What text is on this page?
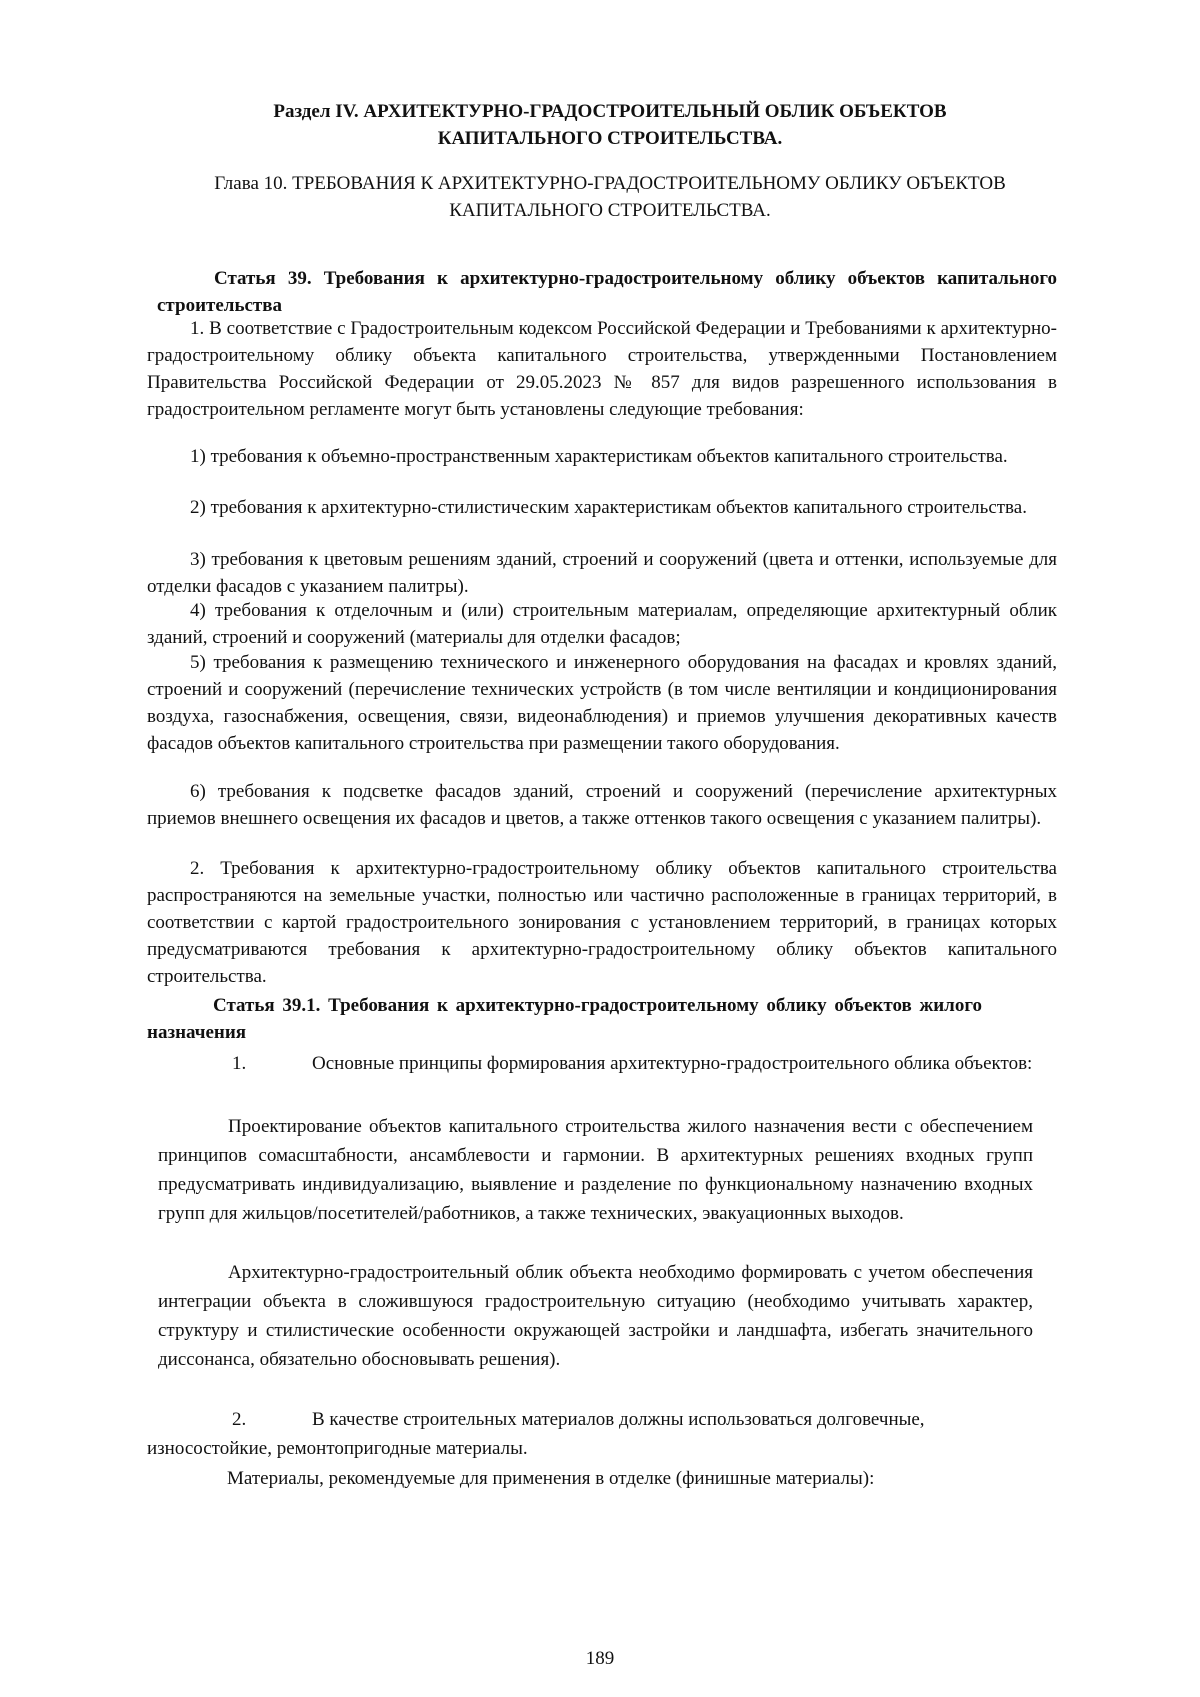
Раздел IV. АРХИТЕКТУРНО-ГРАДОСТРОИТЕЛЬНЫЙ ОБЛИК ОБЪЕКТОВ КАПИТАЛЬНОГО СТРОИТЕЛЬСТВА.

Глава 10. ТРЕБОВАНИЯ К АРХИТЕКТУРНО-ГРАДОСТРОИТЕЛЬНОМУ ОБЛИКУ ОБЪЕКТОВ КАПИТАЛЬНОГО СТРОИТЕЛЬСТВА.

Статья 39. Требования к архитектурно-градостроительному облику объектов капитального строительства

1. В соответствие с Градостроительным кодексом Российской Федерации и Требованиями к архитектурно-градостроительному облику объекта капитального строительства, утвержденными Постановлением Правительства Российской Федерации от 29.05.2023 № 857 для видов разрешенного использования в градостроительном регламенте могут быть установлены следующие требования:

1) требования к объемно-пространственным характеристикам объектов капитального строительства.

2) требования к архитектурно-стилистическим характеристикам объектов капитального строительства.

3) требования к цветовым решениям зданий, строений и сооружений (цвета и оттенки, используемые для отделки фасадов с указанием палитры).

4) требования к отделочным и (или) строительным материалам, определяющие архитектурный облик зданий, строений и сооружений (материалы для отделки фасадов;

5) требования к размещению технического и инженерного оборудования на фасадах и кровлях зданий, строений и сооружений (перечисление технических устройств (в том числе вентиляции и кондиционирования воздуха, газоснабжения, освещения, связи, видеонаблюдения) и приемов улучшения декоративных качеств фасадов объектов капитального строительства при размещении такого оборудования.

6) требования к подсветке фасадов зданий, строений и сооружений (перечисление архитектурных приемов внешнего освещения их фасадов и цветов, а также оттенков такого освещения с указанием палитры).

2. Требования к архитектурно-градостроительному облику объектов капитального строительства распространяются на земельные участки, полностью или частично расположенные в границах территорий, в соответствии с картой градостроительного зонирования с установлением территорий, в границах которых предусматриваются требования к архитектурно-градостроительному облику объектов капитального строительства.

Статья 39.1. Требования к архитектурно-градостроительному облику объектов жилого назначения

1.	Основные принципы формирования архитектурно-градостроительного облика объектов:

Проектирование объектов капитального строительства жилого назначения вести с обеспечением принципов сомасштабности, ансамблевости и гармонии. В архитектурных решениях входных групп предусматривать индивидуализацию, выявление и разделение по функциональному назначению входных групп для жильцов/посетителей/работников, а также технических, эвакуационных выходов.

Архитектурно-градостроительный облик объекта необходимо формировать с учетом обеспечения интеграции объекта в сложившуюся градостроительную ситуацию (необходимо учитывать характер, структуру и стилистические особенности окружающей застройки и ландшафта, избегать значительного диссонанса, обязательно обосновывать решения).

2.	В качестве строительных материалов должны использоваться долговечные, износостойкие, ремонтопригодные материалы.

Материалы, рекомендуемые для применения в отделке (финишные материалы):

189
